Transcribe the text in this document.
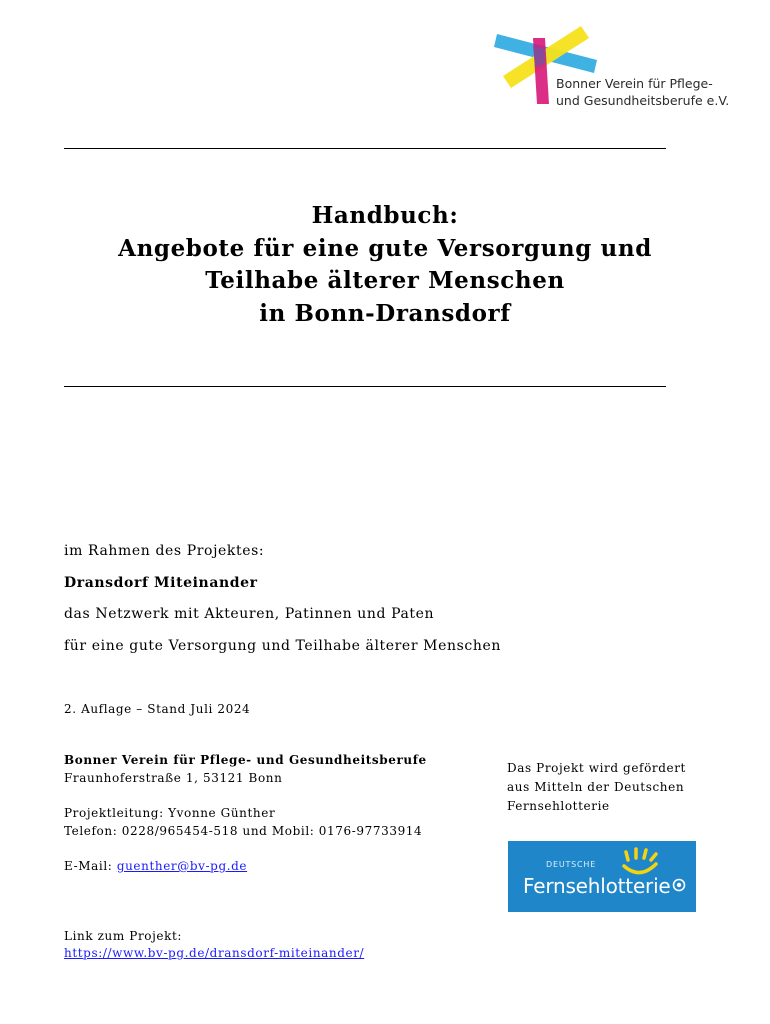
Bonner Verein für Pflege-
und Gesundheitsberufe e.V.
Handbuch:
Angebote für eine gute Versorgung und
Teilhabe älterer Menschen
in Bonn-Dransdorf
im Rahmen des Projektes:
Dransdorf Miteinander
das Netzwerk mit Akteuren, Patinnen und Paten
für eine gute Versorgung und Teilhabe älterer Menschen
2. Auflage – Stand Juli 2024
Bonner Verein für Pflege- und Gesundheitsberufe
Fraunhoferstraße 1, 53121 Bonn
Projektleitung: Yvonne Günther
Telefon: 0228/965454-518 und Mobil: 0176-97733914
E-Mail: guenther@bv-pg.de
Link zum Projekt:
https://www.bv-pg.de/dransdorf-miteinander/
Das Projekt wird gefördert
aus Mitteln der Deutschen
Fernsehlotterie
DEUTSCHE
Fernsehlotterie
